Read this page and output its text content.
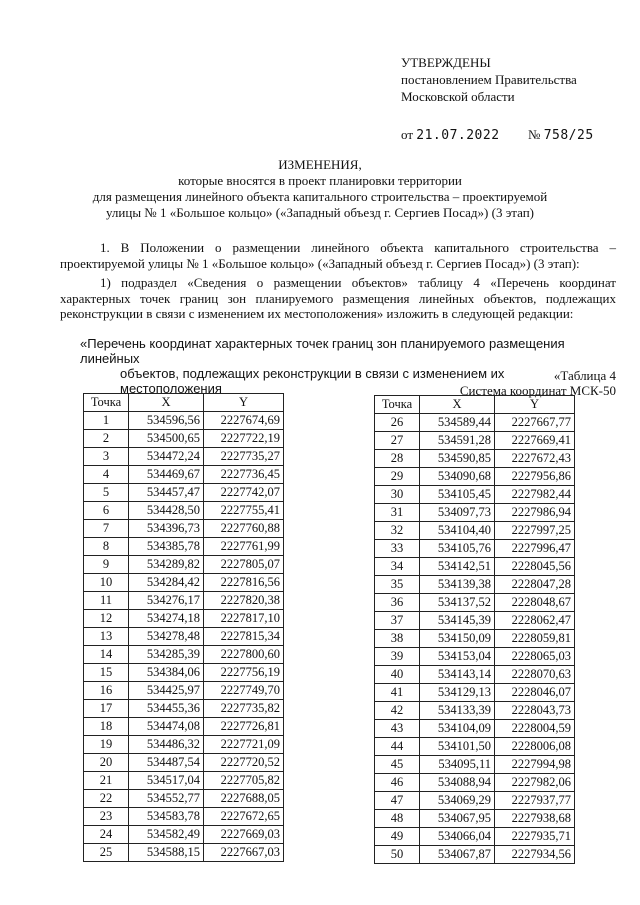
УТВЕРЖДЕНЫ
постановлением Правительства
Московской области
от 21.07.2022 № 758/25
ИЗМЕНЕНИЯ,
которые вносятся в проект планировки территории
для размещения линейного объекта капитального строительства – проектируемой
улицы № 1 «Большое кольцо» («Западный объезд г. Сергиев Посад») (3 этап)
1. В Положении о размещении линейного объекта капитального строительства – проектируемой улицы № 1 «Большое кольцо» («Западный объезд г. Сергиев Посад») (3 этап):
1) подраздел «Сведения о размещении объектов» таблицу 4 «Перечень координат характерных точек границ зон планируемого размещения линейных объектов, подлежащих реконструкции в связи с изменением их местоположения» изложить в следующей редакции:
«Перечень координат характерных точек границ зон планируемого размещения линейных
объектов, подлежащих реконструкции в связи с изменением их местоположения
«Таблица 4
Система координат МСК-50
Точка	X	Y
1	534596,56	2227674,69
2	534500,65	2227722,19
3	534472,24	2227735,27
4	534469,67	2227736,45
5	534457,47	2227742,07
6	534428,50	2227755,41
7	534396,73	2227760,88
8	534385,78	2227761,99
9	534289,82	2227805,07
10	534284,42	2227816,56
11	534276,17	2227820,38
12	534274,18	2227817,10
13	534278,48	2227815,34
14	534285,39	2227800,60
15	534384,06	2227756,19
16	534425,97	2227749,70
17	534455,36	2227735,82
18	534474,08	2227726,81
19	534486,32	2227721,09
20	534487,54	2227720,52
21	534517,04	2227705,82
22	534552,77	2227688,05
23	534583,78	2227672,65
24	534582,49	2227669,03
25	534588,15	2227667,03
Точка	X	Y
26	534589,44	2227667,77
27	534591,28	2227669,41
28	534590,85	2227672,43
29	534090,68	2227956,86
30	534105,45	2227982,44
31	534097,73	2227986,94
32	534104,40	2227997,25
33	534105,76	2227996,47
34	534142,51	2228045,56
35	534139,38	2228047,28
36	534137,52	2228048,67
37	534145,39	2228062,47
38	534150,09	2228059,81
39	534153,04	2228065,03
40	534143,14	2228070,63
41	534129,13	2228046,07
42	534133,39	2228043,73
43	534104,09	2228004,59
44	534101,50	2228006,08
45	534095,11	2227994,98
46	534088,94	2227982,06
47	534069,29	2227937,77
48	534067,95	2227938,68
49	534066,04	2227935,71
50	534067,87	2227934,56
